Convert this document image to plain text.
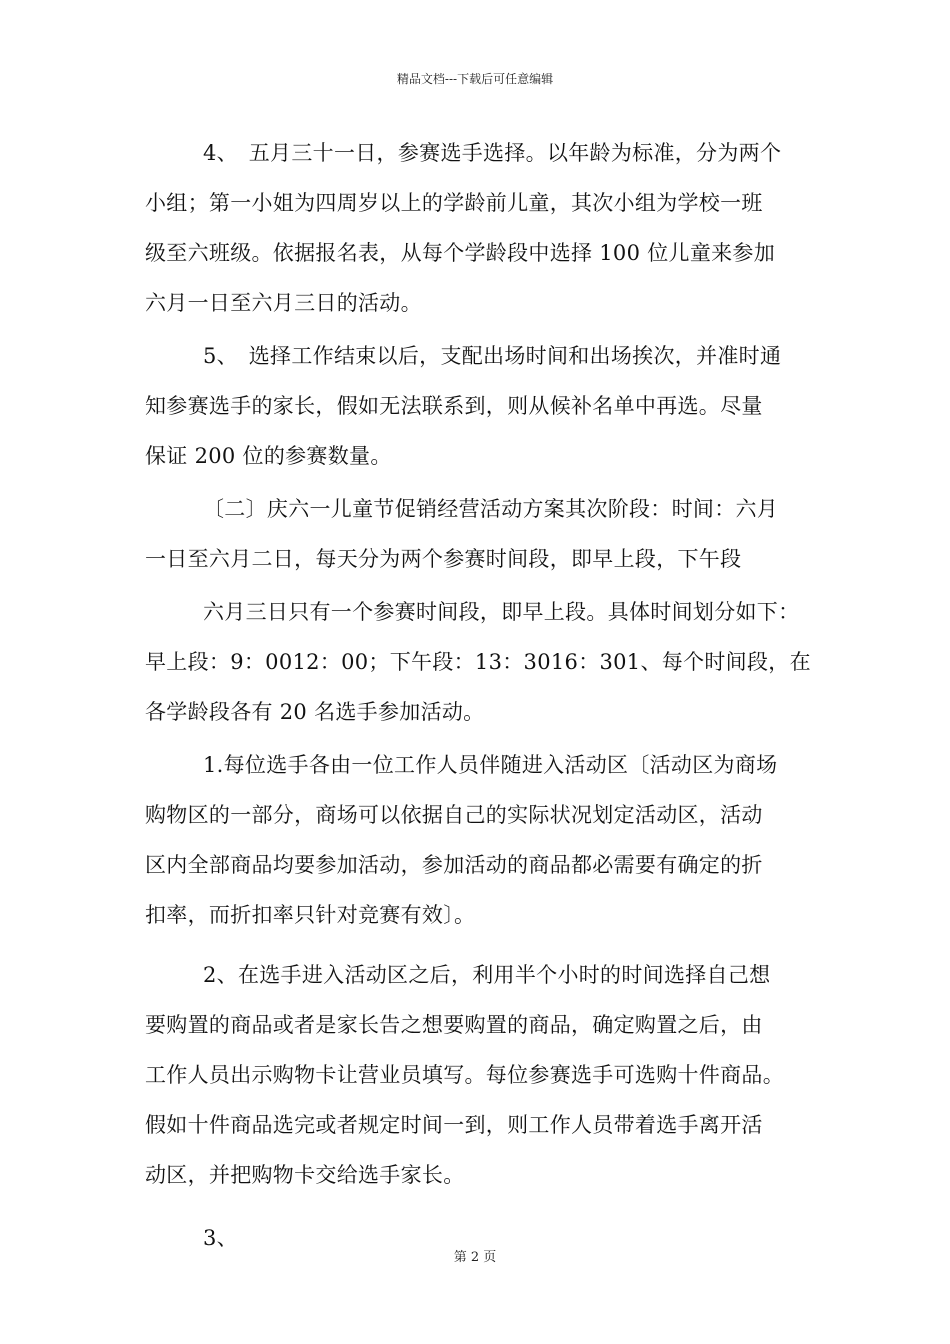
精品文档---下载后可任意编辑
4、　五月三十一日，参赛选手选择。以年龄为标准，分为两个
小组；第一小姐为四周岁以上的学龄前儿童，其次小组为学校一班
级至六班级。依据报名表，从每个学龄段中选择 100 位儿童来参加
六月一日至六月三日的活动。
5、　选择工作结束以后，支配出场时间和出场挨次，并准时通
知参赛选手的家长，假如无法联系到，则从候补名单中再选。尽量
保证 200 位的参赛数量。
〔二〕庆六一儿童节促销经营活动方案其次阶段：时间：六月
一日至六月二日，每天分为两个参赛时间段，即早上段，下午段
六月三日只有一个参赛时间段，即早上段。具体时间划分如下：
早上段：9：0012：00；下午段：13：3016：301、每个时间段，在
各学龄段各有 20 名选手参加活动。
1.每位选手各由一位工作人员伴随进入活动区〔活动区为商场
购物区的一部分，商场可以依据自己的实际状况划定活动区，活动
区内全部商品均要参加活动，参加活动的商品都必需要有确定的折
扣率，而折扣率只针对竞赛有效〕。
2、在选手进入活动区之后，利用半个小时的时间选择自己想
要购置的商品或者是家长告之想要购置的商品，确定购置之后，由
工作人员出示购物卡让营业员填写。每位参赛选手可选购十件商品。
假如十件商品选完或者规定时间一到，则工作人员带着选手离开活
动区，并把购物卡交给选手家长。
3、
第 2 页
